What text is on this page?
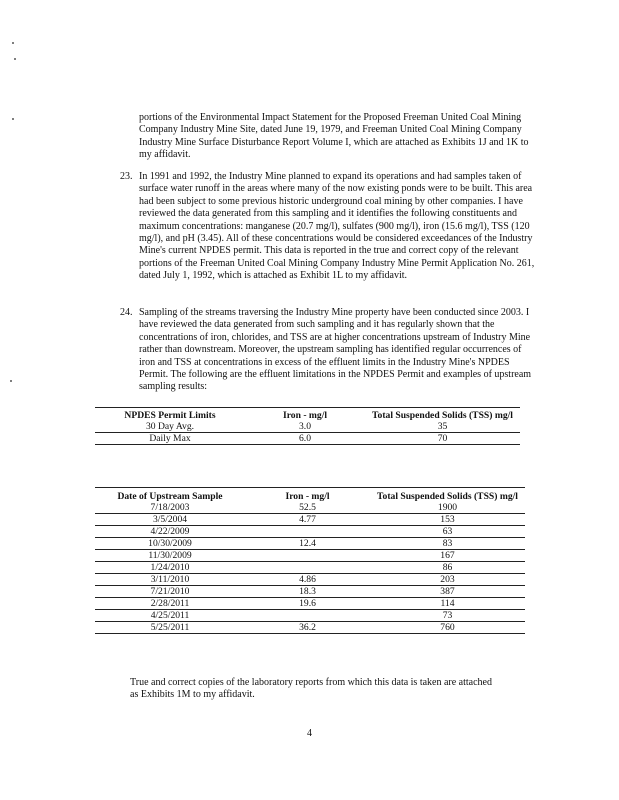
portions of the Environmental Impact Statement for the Proposed Freeman United Coal Mining Company Industry Mine Site, dated June 19, 1979, and Freeman United Coal Mining Company Industry Mine Surface Disturbance Report Volume I, which are attached as Exhibits 1J and 1K to my affidavit.

23. In 1991 and 1992, the Industry Mine planned to expand its operations and had samples taken of surface water runoff in the areas where many of the now existing ponds were to be built. This area had been subject to some previous historic underground coal mining by other companies. I have reviewed the data generated from this sampling and it identifies the following constituents and maximum concentrations: manganese (20.7 mg/l), sulfates (900 mg/l), iron (15.6 mg/l), TSS (120 mg/l), and pH (3.45). All of these concentrations would be considered exceedances of the Industry Mine's current NPDES permit. This data is reported in the true and correct copy of the relevant portions of the Freeman United Coal Mining Company Industry Mine Permit Application No. 261, dated July 1, 1992, which is attached as Exhibit 1L to my affidavit.

24. Sampling of the streams traversing the Industry Mine property have been conducted since 2003. I have reviewed the data generated from such sampling and it has regularly shown that the concentrations of iron, chlorides, and TSS are at higher concentrations upstream of Industry Mine rather than downstream. Moreover, the upstream sampling has identified regular occurrences of iron and TSS at concentrations in excess of the effluent limits in the Industry Mine's NPDES Permit. The following are the effluent limitations in the NPDES Permit and examples of upstream sampling results:

NPDES Permit Limits	Iron - mg/l	Total Suspended Solids (TSS) mg/l
30 Day Avg.	3.0	35
Daily Max	6.0	70
Date of Upstream Sample	Iron - mg/l	Total Suspended Solids (TSS) mg/l
7/18/2003	52.5	1900
3/5/2004	4.77	153
4/22/2009		63
10/30/2009	12.4	83
11/30/2009		167
1/24/2010		86
3/11/2010	4.86	203
7/21/2010	18.3	387
2/28/2011	19.6	114
4/25/2011		73
5/25/2011	36.2	760

True and correct copies of the laboratory reports from which this data is taken are attached as Exhibits 1M to my affidavit.

4
